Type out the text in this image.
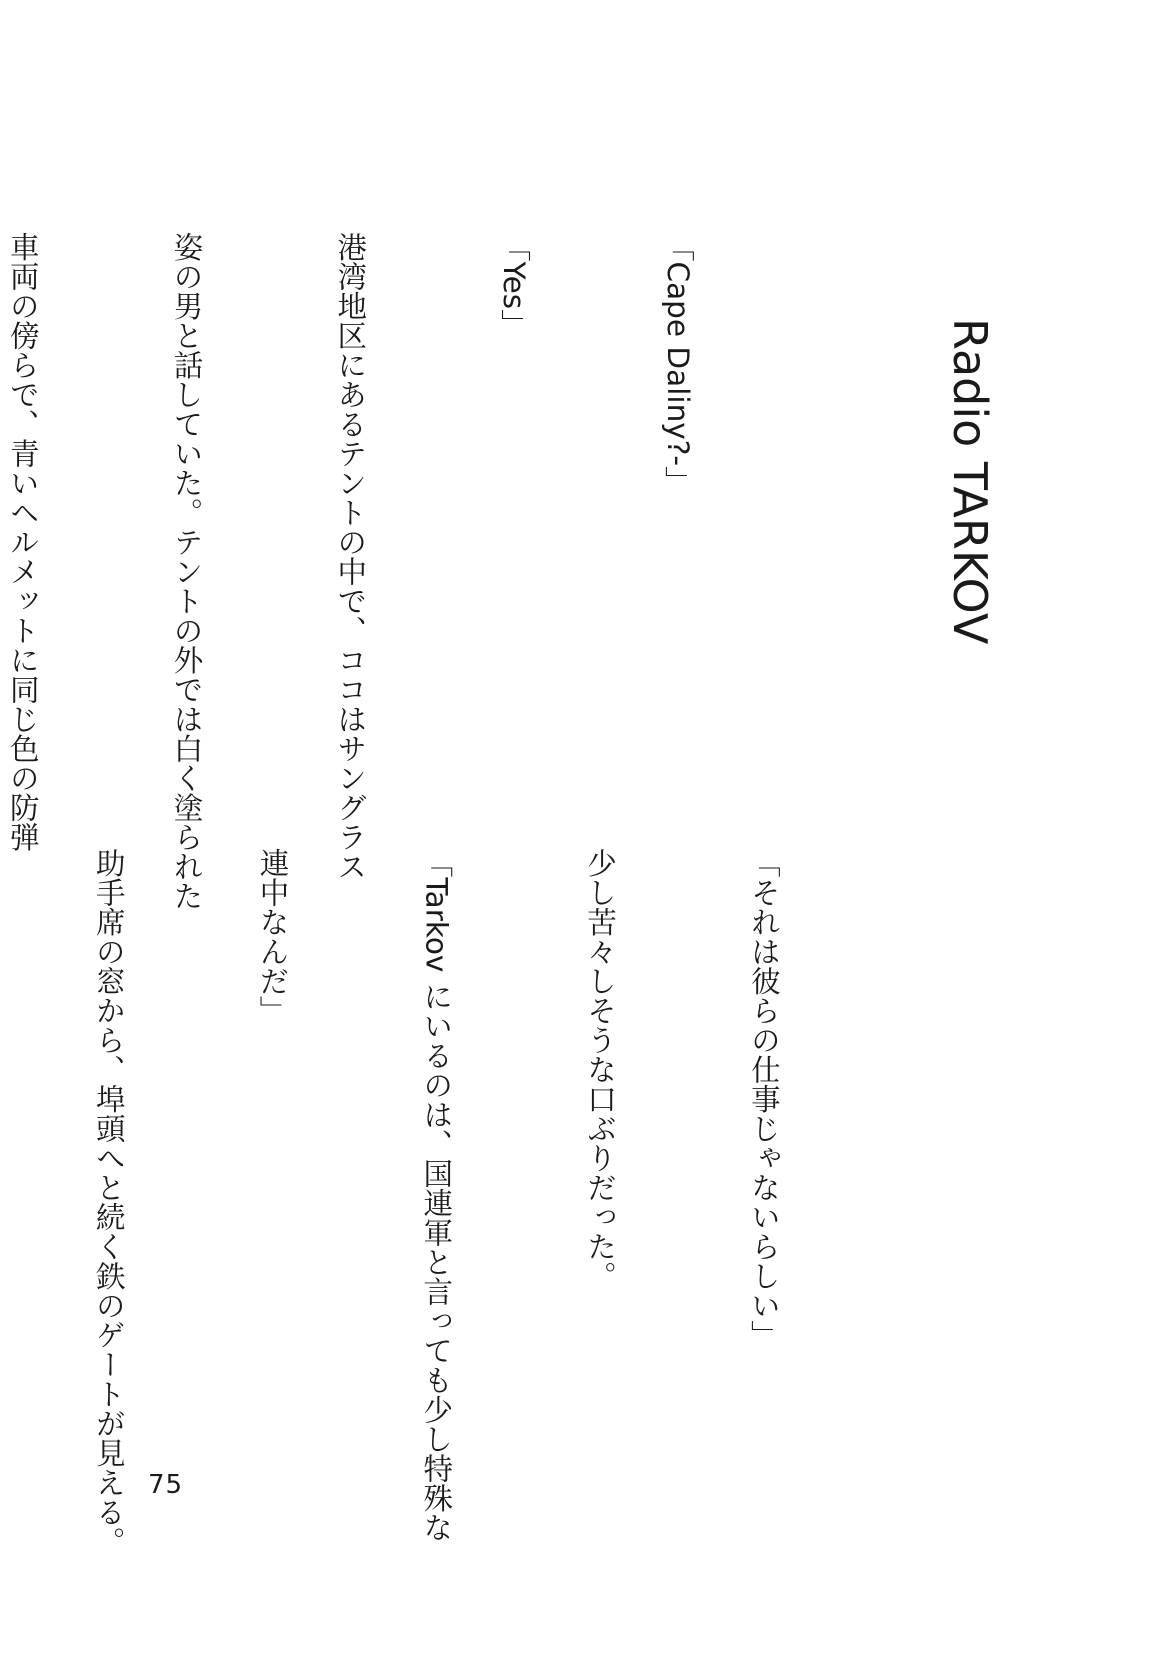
Radio TARKOV

「Cape Daliny?-」

「Yes」

港湾地区にあるテントの中で、ココはサングラス

姿の男と話していた。テントの外では白く塗られた

車両の傍らで、青いヘルメットに同じ色の防弾

「それは彼らの仕事じゃないらしい」

少し苦々しそうな口ぶりだった。

「Tarkov にいるのは、国連軍と言っても少し特殊な

連中なんだ」

助手席の窓から、埠頭へと続く鉄のゲートが見える。

75
